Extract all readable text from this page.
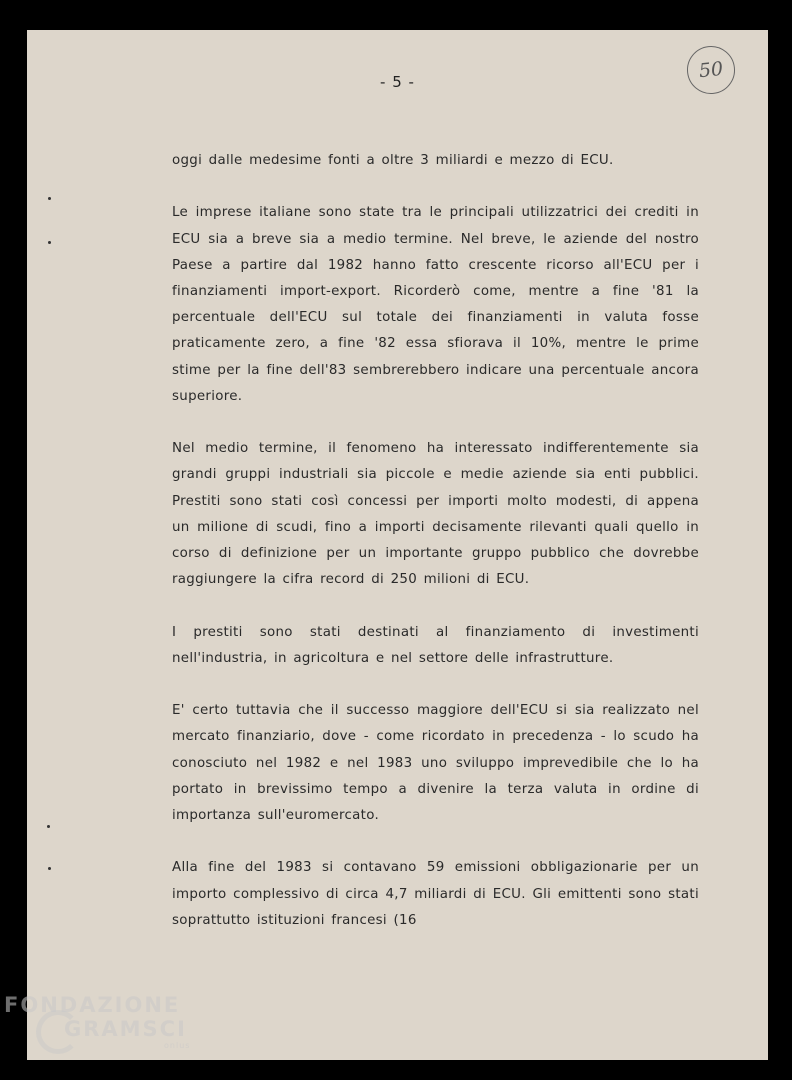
- 5 -	50

oggi dalle medesime fonti a oltre 3 miliardi e mezzo di ECU.

Le imprese italiane sono state tra le principali utilizzatrici dei crediti in ECU sia a breve sia a medio termine. Nel breve, le aziende del nostro Paese a partire dal 1982 hanno fatto crescente ricorso all'ECU per i finanziamenti import-export. Ricorderò come, mentre a fine '81 la percentuale dell'ECU sul totale dei finanziamenti in valuta fosse praticamente zero, a fine '82 essa sfiorava il 10%, mentre le prime stime per la fine dell'83 sembrerebbero indicare una percentuale ancora superiore.

Nel medio termine, il fenomeno ha interessato indifferentemente sia grandi gruppi industriali sia piccole e medie aziende sia enti pubblici. Prestiti sono stati così concessi per importi molto modesti, di appena un milione di scudi, fino a importi decisamente rilevanti quali quello in corso di definizione per un importante gruppo pubblico che dovrebbe raggiungere la cifra record di 250 milioni di ECU.

I prestiti sono stati destinati al finanziamento di investimenti nell'industria, in agricoltura e nel settore delle infrastrutture.

E' certo tuttavia che il successo maggiore dell'ECU si sia realizzato nel mercato finanziario, dove - come ricordato in precedenza - lo scudo ha conosciuto nel 1982 e nel 1983 uno sviluppo imprevedibile che lo ha portato in brevissimo tempo a divenire la terza valuta in ordine di importanza sull'euromercato.

Alla fine del 1983 si contavano 59 emissioni obbligazionarie per un importo complessivo di circa 4,7 miliardi di ECU. Gli emittenti sono stati soprattutto istituzioni francesi (16

FONDAZIONE
GRAMSCI
onlus
